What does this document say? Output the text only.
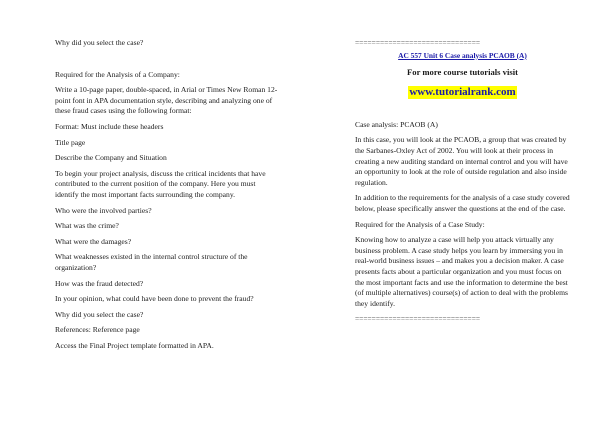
Why did you select the case?

Required for the Analysis of a Company:

Write a 10-page paper, double-spaced, in Arial or Times New Roman 12-point font in APA documentation style, describing and analyzing one of these fraud cases using the following format:

Format: Must include these headers

Title page

Describe the Company and Situation

To begin your project analysis, discuss the critical incidents that have contributed to the current position of the company. Here you must identify the most important facts surrounding the company.

Who were the involved parties?

What was the crime?

What were the damages?

What weaknesses existed in the internal control structure of the organization?

How was the fraud detected?

In your opinion, what could have been done to prevent the fraud?

Why did you select the case?

References: Reference page

Access the Final Project template formatted in APA.

==============================

AC 557 Unit 6 Case analysis PCAOB (A)

For more course tutorials visit

www.tutorialrank.com

Case analysis: PCAOB (A)

In this case, you will look at the PCAOB, a group that was created by the Sarbanes-Oxley Act of 2002. You will look at their process in creating a new auditing standard on internal control and you will have an opportunity to look at the role of outside regulation and also inside regulation.

In addition to the requirements for the analysis of a case study covered below, please specifically answer the questions at the end of the case.

Required for the Analysis of a Case Study:

Knowing how to analyze a case will help you attack virtually any business problem. A case study helps you learn by immersing you in real-world business issues – and makes you a decision maker. A case presents facts about a particular organization and you must focus on the most important facts and use the information to determine the best (of multiple alternatives) course(s) of action to deal with the problems they identify.

==============================
